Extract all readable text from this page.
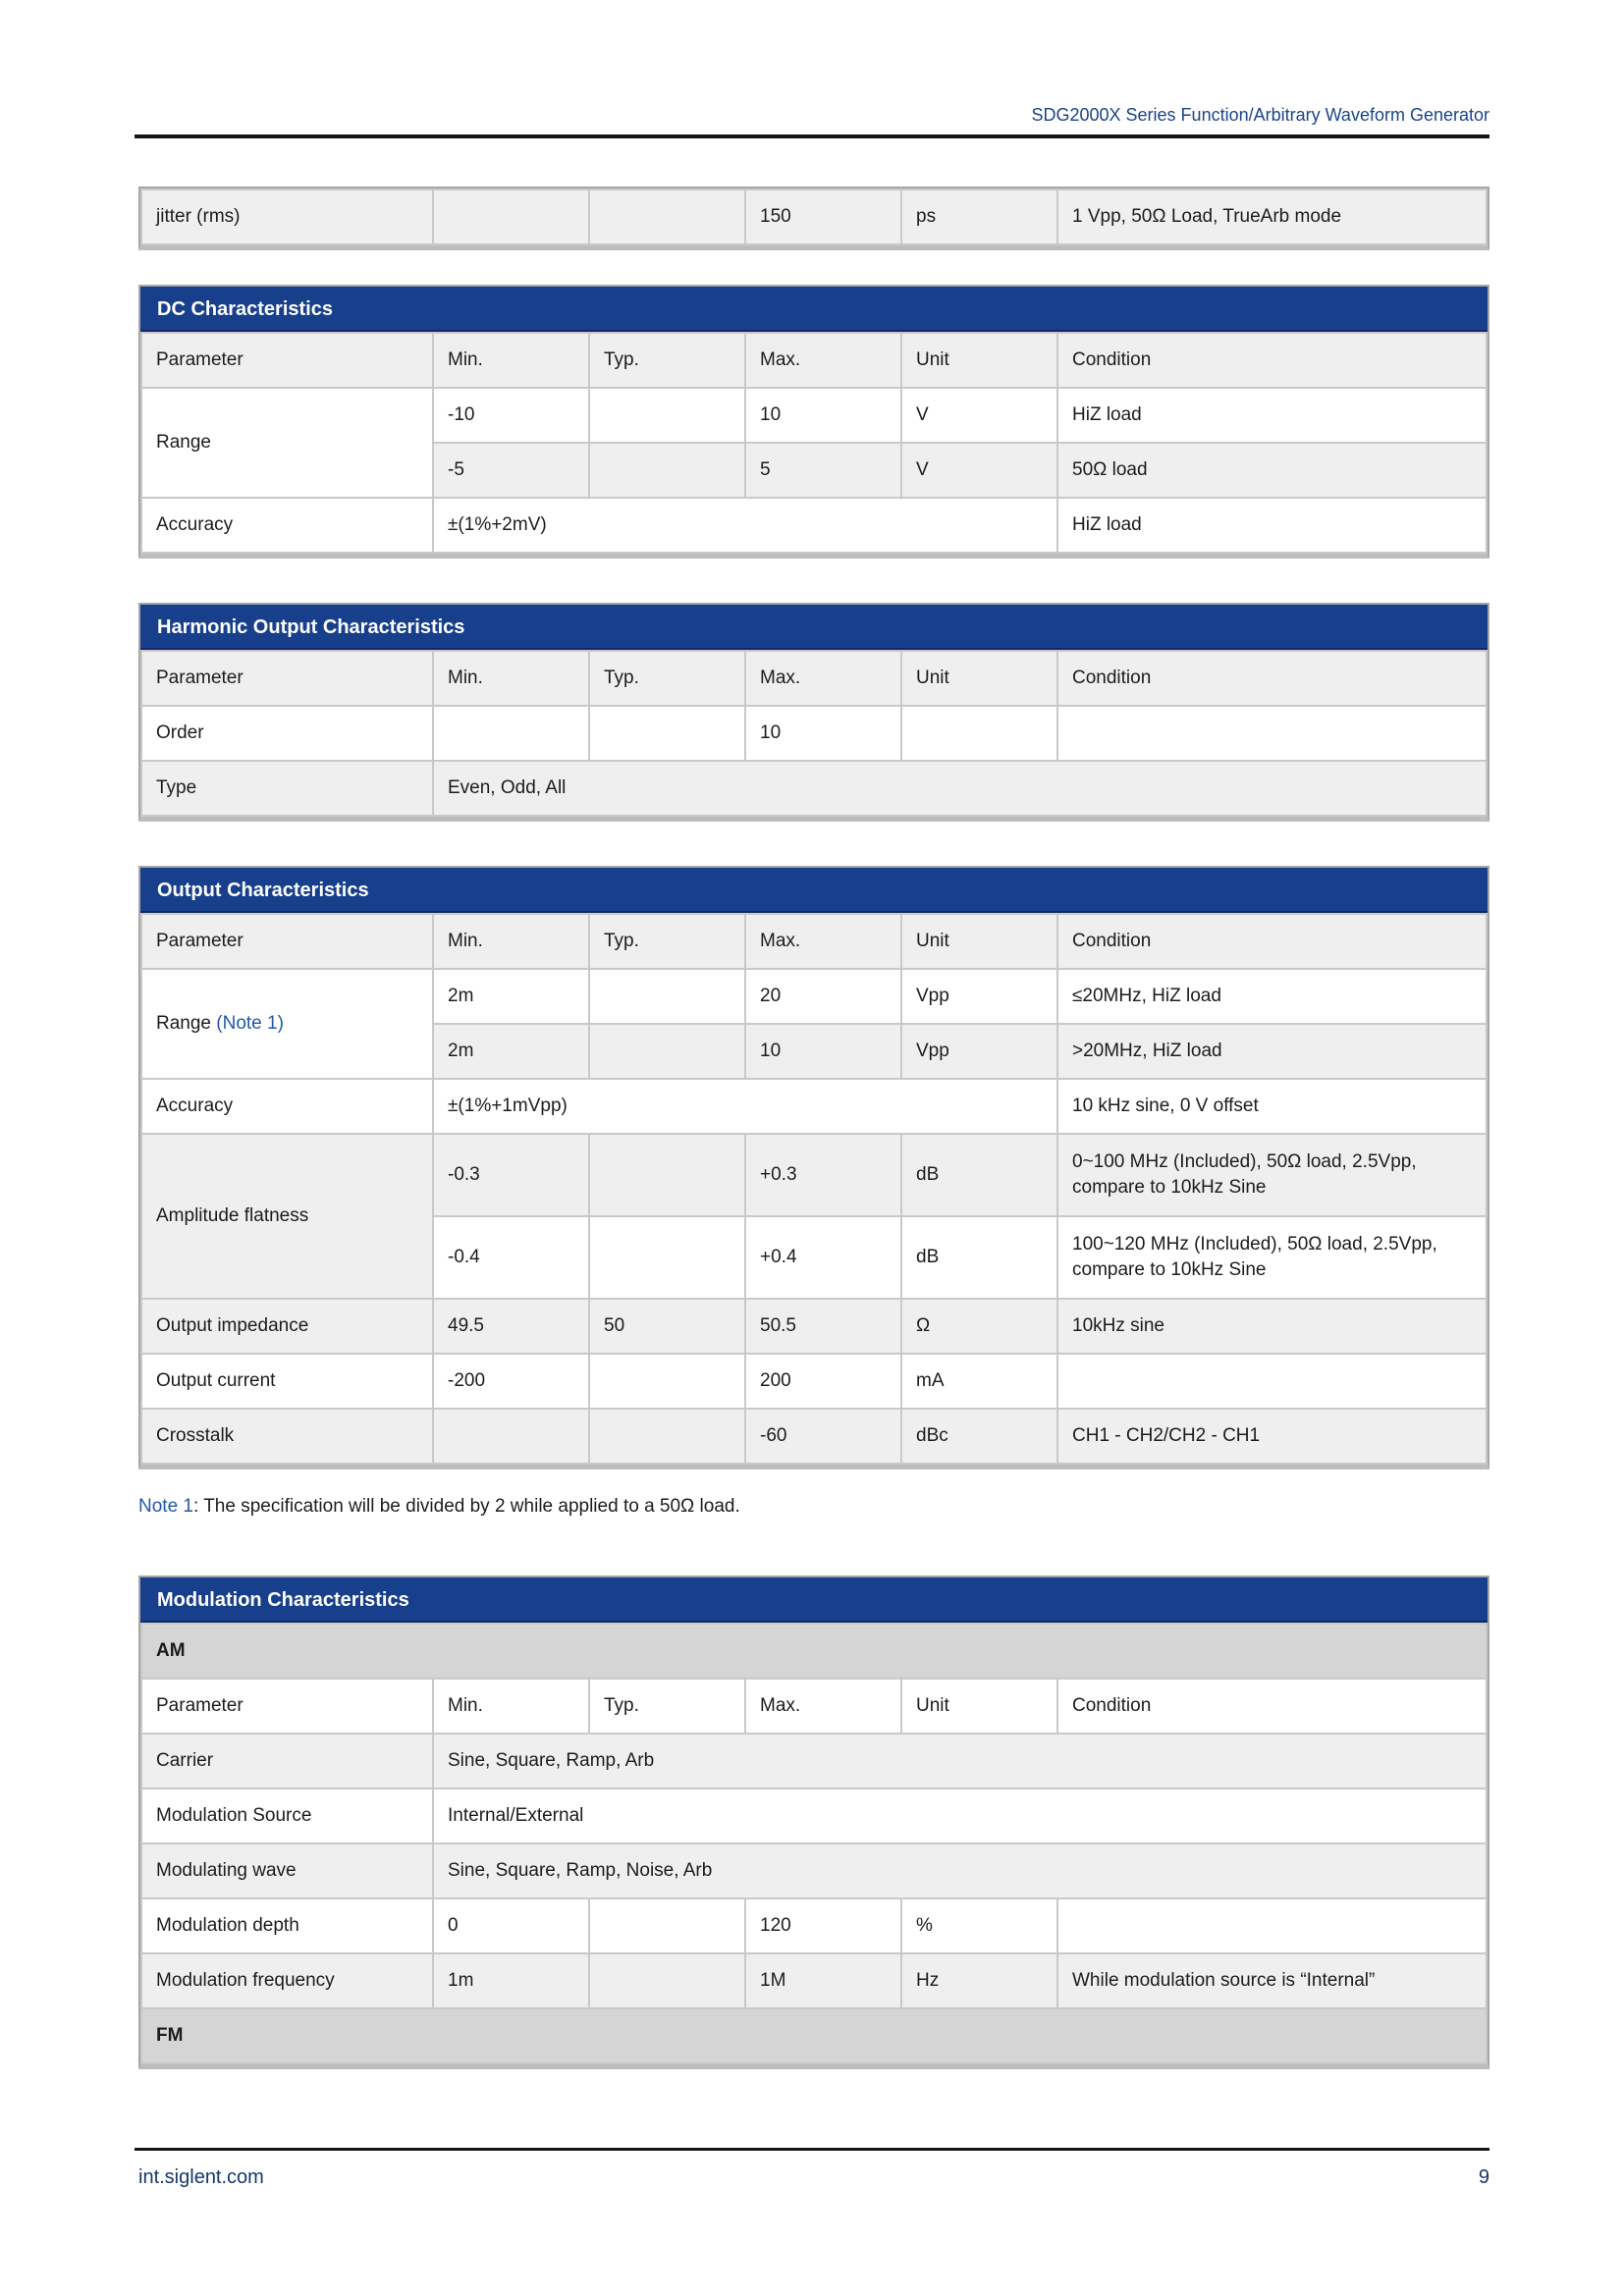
SDG2000X Series Function/Arbitrary Waveform Generator
jitter (rms)			150	ps	1 Vpp, 50Ω Load, TrueArb mode
DC Characteristics
Parameter	Min.	Typ.	Max.	Unit	Condition
Range	-10		10	V	HiZ load
	-5		5	V	50Ω load
Accuracy	±(1%+2mV)				HiZ load
Harmonic Output Characteristics
Parameter	Min.	Typ.	Max.	Unit	Condition
Order			10		
Type	Even, Odd, All				
Output Characteristics
Parameter	Min.	Typ.	Max.	Unit	Condition
Range (Note 1)	2m		20	Vpp	≤20MHz, HiZ load
	2m		10	Vpp	>20MHz, HiZ load
Accuracy	±(1%+1mVpp)				10 kHz sine, 0 V offset
Amplitude flatness	-0.3		+0.3	dB	0~100 MHz (Included), 50Ω load, 2.5Vpp, compare to 10kHz Sine
	-0.4		+0.4	dB	100~120 MHz (Included), 50Ω load, 2.5Vpp, compare to 10kHz Sine
Output impedance	49.5	50	50.5	Ω	10kHz sine
Output current	-200		200	mA	
Crosstalk			-60	dBc	CH1 - CH2/CH2 - CH1
Note 1: The specification will be divided by 2 while applied to a 50Ω load.
Modulation Characteristics
AM					
Parameter	Min.	Typ.	Max.	Unit	Condition
Carrier	Sine, Square, Ramp, Arb				
Modulation Source	Internal/External				
Modulating wave	Sine, Square, Ramp, Noise, Arb				
Modulation depth	0		120	%	
Modulation frequency	1m		1M	Hz	While modulation source is “Internal”
FM					
int.siglent.com	9
